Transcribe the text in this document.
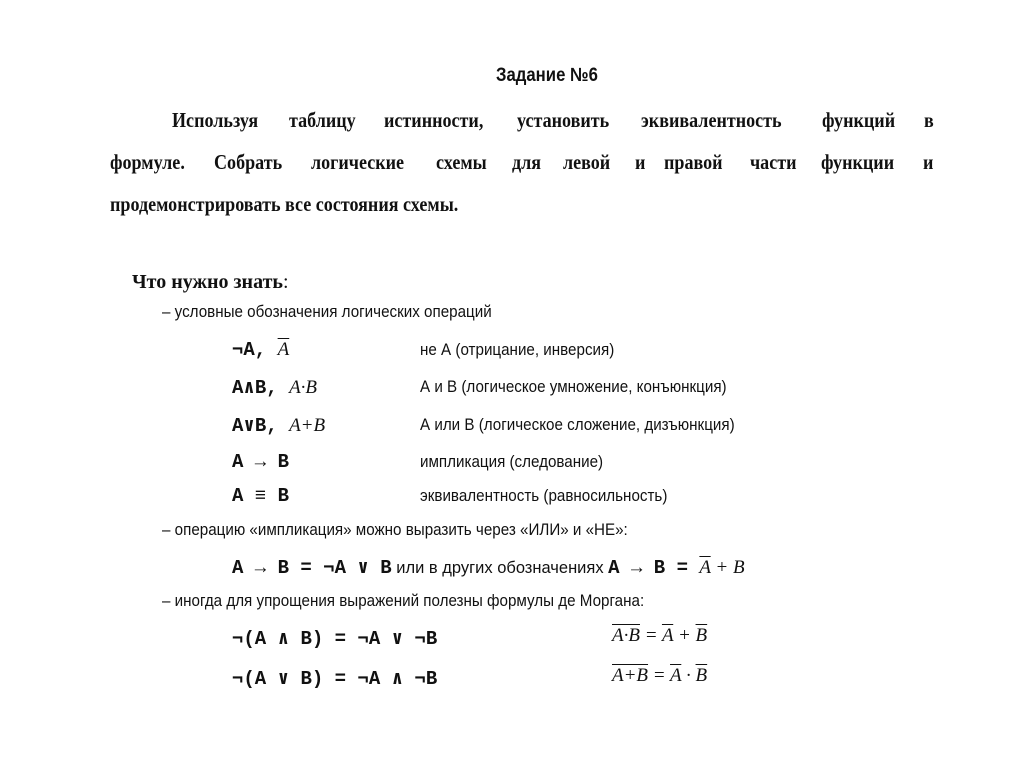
Задание №6
Используя таблицу истинности, установить эквивалентность функций в
формуле. Собрать логические схемы для левой и правой части функции и
продемонстрировать все состояния схемы.
Что нужно знать:
– условные обозначения логических операций
¬A, $\overline{A}$	не А (отрицание, инверсия)
A∧B, A·B	А и В (логическое умножение, конъюнкция)
A∨B, A+B	А или В (логическое сложение, дизъюнкция)
A → B	импликация (следование)
A ≡ B	эквивалентность (равносильность)
– операцию «импликация» можно выразить через «ИЛИ» и «НЕ»:
A → B = ¬A ∨ B или в других обозначениях $A \to B = \overline{A} + B$
– иногда для упрощения выражений полезны формулы де Моргана:
¬(A ∧ B) = ¬A ∨ ¬B	$A\cdot B = \overline{A} + \overline{B}$
¬(A ∨ B) = ¬A ∧ ¬B	$A+B = \overline{A} \cdot \overline{B}$
